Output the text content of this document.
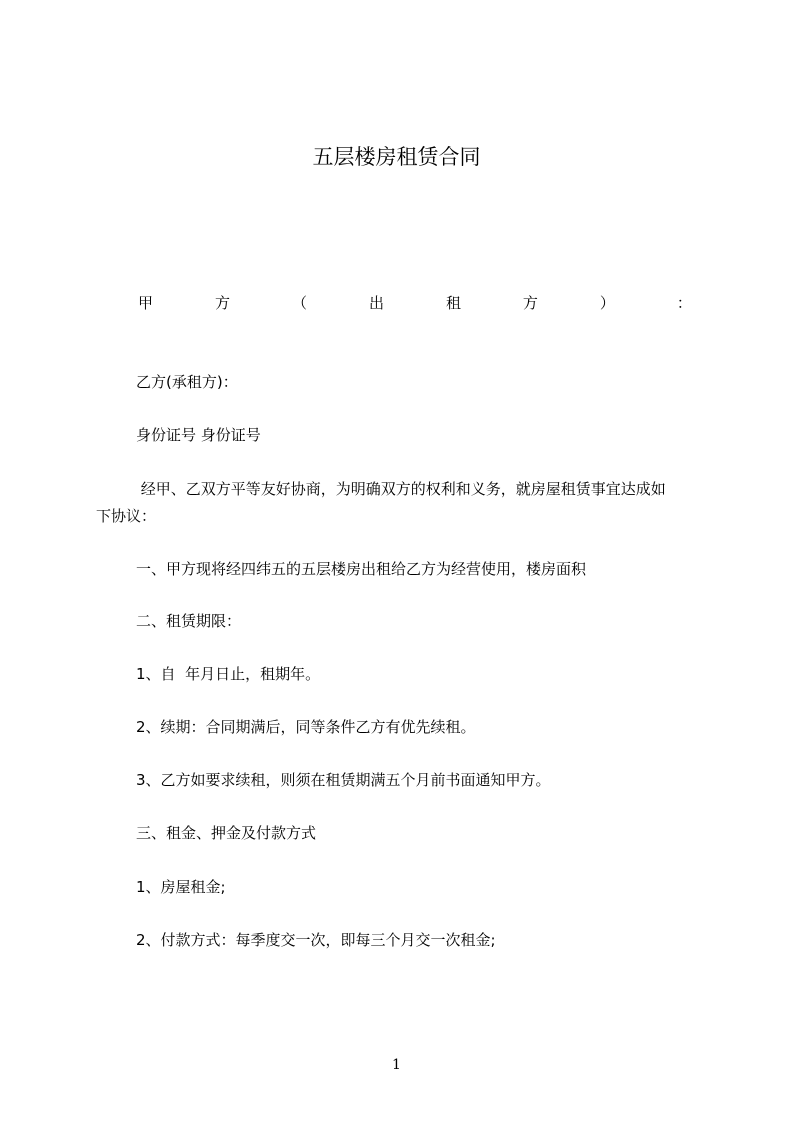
五层楼房租赁合同
甲	方	（	出	租	方	）	：

乙方(承租方)：

身份证号 身份证号

经甲、乙双方平等友好协商，为明确双方的权利和义务，就房屋租赁事宜达成如

下协议：

一、甲方现将经四纬五的五层楼房出租给乙方为经营使用，楼房面积

二、租赁期限：

1、自  年月日止，租期年。

2、续期：合同期满后，同等条件乙方有优先续租。

3、乙方如要求续租，则须在租赁期满五个月前书面通知甲方。

三、租金、押金及付款方式

1、房屋租金;

2、付款方式：每季度交一次，即每三个月交一次租金;

1
